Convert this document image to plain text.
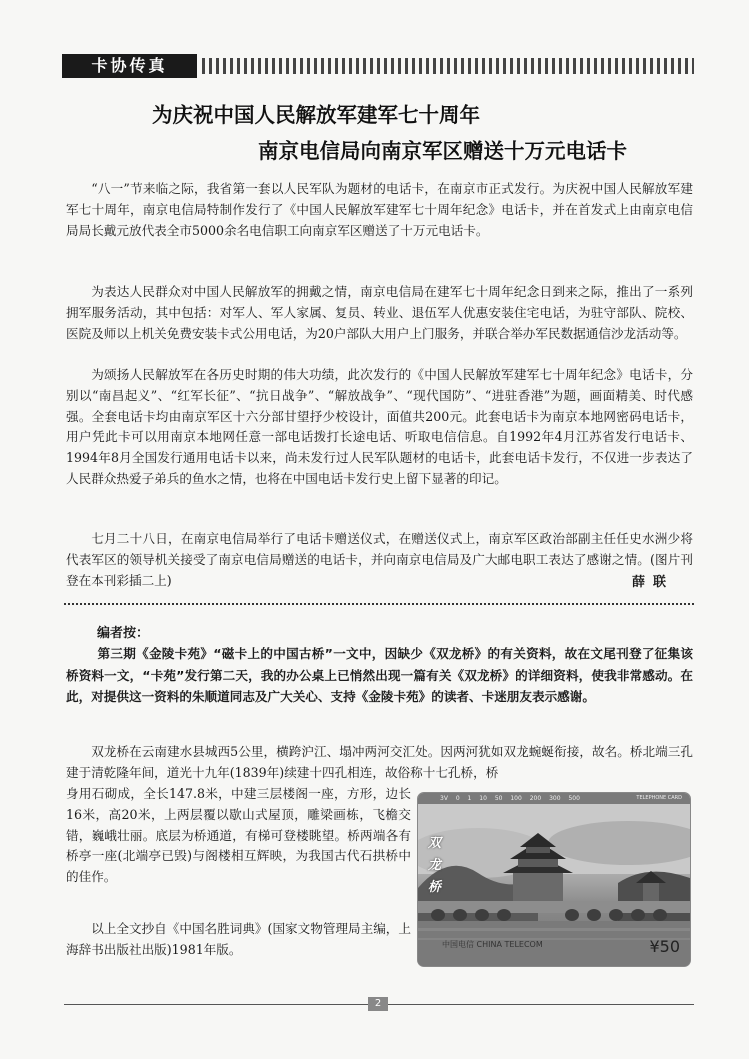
卡协传真
为庆祝中国人民解放军建军七十周年
南京电信局向南京军区赠送十万元电话卡
“八一”节来临之际，我省第一套以人民军队为题材的电话卡，在南京市正式发行。为庆祝中国人民解放军建军七十周年，南京电信局特制作发行了《中国人民解放军建军七十周年纪念》电话卡，并在首发式上由南京电信局局长戴元放代表全市5000余名电信职工向南京军区赠送了十万元电话卡。
为表达人民群众对中国人民解放军的拥戴之情，南京电信局在建军七十周年纪念日到来之际，推出了一系列拥军服务活动，其中包括：对军人、军人家属、复员、转业、退伍军人优惠安装住宅电话，为驻守部队、院校、医院及师以上机关免费安装卡式公用电话，为20户部队大用户上门服务，并联合举办军民数据通信沙龙活动等。
为颂扬人民解放军在各历史时期的伟大功绩，此次发行的《中国人民解放军建军七十周年纪念》电话卡，分别以“南昌起义”、“红军长征”、“抗日战争”、“解放战争”、“现代国防”、“进驻香港”为题，画面精美、时代感强。全套电话卡均由南京军区十六分部甘望抒少校设计，面值共200元。此套电话卡为南京本地网密码电话卡，用户凭此卡可以用南京本地网任意一部电话拨打长途电话、听取电信信息。自1992年4月江苏省发行电话卡、1994年8月全国发行通用电话卡以来，尚未发行过人民军队题材的电话卡，此套电话卡发行，不仅进一步表达了人民群众热爱子弟兵的鱼水之情，也将在中国电话卡发行史上留下显著的印记。
七月二十八日，在南京电信局举行了电话卡赠送仪式，在赠送仪式上，南京军区政治部副主任任史水洲少将代表军区的领导机关接受了南京电信局赠送的电话卡，并向南京电信局及广大邮电职工表达了感谢之情。(图片刊登在本刊彩插二上)	薛联
编者按：
第三期《金陵卡苑》“磁卡上的中国古桥”一文中，因缺少《双龙桥》的有关资料，故在文尾刊登了征集该桥资料一文，“卡苑”发行第二天，我的办公桌上已悄然出现一篇有关《双龙桥》的详细资料，使我非常感动。在此，对提供这一资料的朱顺道同志及广大关心、支持《金陵卡苑》的读者、卡迷朋友表示感谢。
双龙桥在云南建水县城西5公里，横跨沪江、塌冲两河交汇处。因两河犹如双龙蜿蜒衔接，故名。桥北端三孔建于清乾隆年间，道光十九年(1839年)续建十四孔相连，故俗称十七孔桥，桥
身用石砌成，全长147.8米，中建三层楼阁一座，方形，边长16米，高20米，上两层覆以歇山式屋顶，雕梁画栋，飞檐交错，巍峨壮丽。底层为桥通道，有梯可登楼眺望。桥两端各有桥亭一座(北端亭已毁)与阁楼相互辉映，为我国古代石拱桥中的佳作。
以上全文抄自《中国名胜词典》(国家文物管理局主编，上海辞书出版社出版)1981年版。
3V 0 1 10 50 100 200 300 500	TELEPHONE CARD
双龙桥
中国电信 CHINA TELECOM	¥50
2
